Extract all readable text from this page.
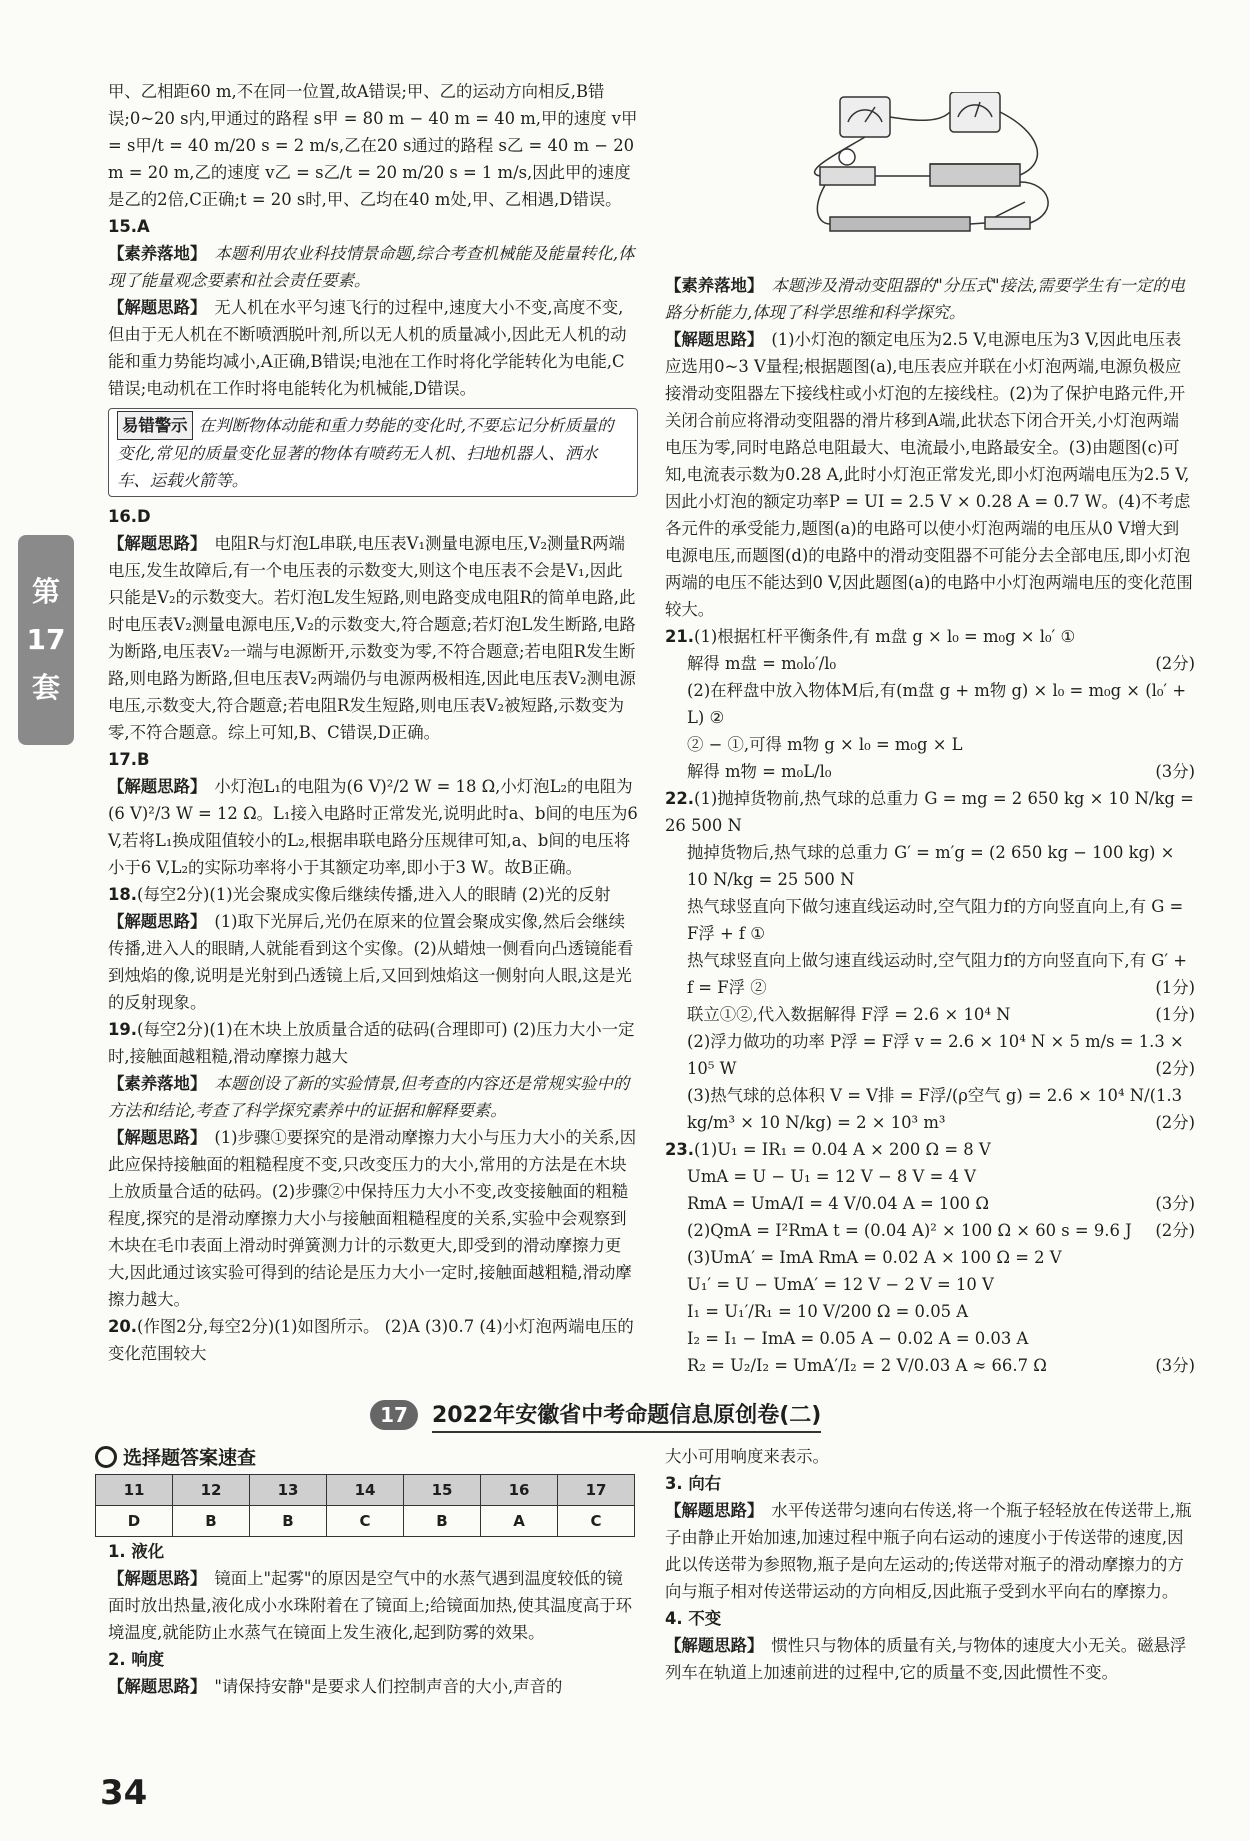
甲、乙相距60 m,不在同一位置,故A错误;甲、乙的运动方向相反,B错误;0~20 s内,甲通过的路程 s甲 = 80 m − 40 m = 40 m,甲的速度 v甲 = s甲/t = 40 m/20 s = 2 m/s,乙在20 s通过的路程 s乙 = 40 m − 20 m = 20 m,乙的速度 v乙 = s乙/t = 20 m/20 s = 1 m/s,因此甲的速度是乙的2倍,C正确;t = 20 s时,甲、乙均在40 m处,甲、乙相遇,D错误。

15.A

【素养落地】 本题利用农业科技情景命题,综合考查机械能及能量转化,体现了能量观念要素和社会责任要素。

【解题思路】 无人机在水平匀速飞行的过程中,速度大小不变,高度不变,但由于无人机在不断喷洒脱叶剂,所以无人机的质量减小,因此无人机的动能和重力势能均减小,A正确,B错误;电池在工作时将化学能转化为电能,C错误;电动机在工作时将电能转化为机械能,D错误。

易错警示 在判断物体动能和重力势能的变化时,不要忘记分析质量的变化,常见的质量变化显著的物体有喷药无人机、扫地机器人、洒水车、运载火箭等。

16.D

【解题思路】 电阻R与灯泡L串联,电压表V₁测量电源电压,V₂测量R两端电压,发生故障后,有一个电压表的示数变大,则这个电压表不会是V₁,因此只能是V₂的示数变大。若灯泡L发生短路,则电路变成电阻R的简单电路,此时电压表V₂测量电源电压,V₂的示数变大,符合题意;若灯泡L发生断路,电路为断路,电压表V₂一端与电源断开,示数变为零,不符合题意;若电阻R发生断路,则电路为断路,但电压表V₂两端仍与电源两极相连,因此电压表V₂测电源电压,示数变大,符合题意;若电阻R发生短路,则电压表V₂被短路,示数变为零,不符合题意。综上可知,B、C错误,D正确。

17.B

【解题思路】 小灯泡L₁的电阻为(6 V)²/2 W = 18 Ω,小灯泡L₂的电阻为(6 V)²/3 W = 12 Ω。L₁接入电路时正常发光,说明此时a、b间的电压为6 V,若将L₁换成阻值较小的L₂,根据串联电路分压规律可知,a、b间的电压将小于6 V,L₂的实际功率将小于其额定功率,即小于3 W。故B正确。

18.(每空2分)(1)光会聚成实像后继续传播,进入人的眼睛 (2)光的反射

【解题思路】 (1)取下光屏后,光仍在原来的位置会聚成实像,然后会继续传播,进入人的眼睛,人就能看到这个实像。(2)从蜡烛一侧看向凸透镜能看到烛焰的像,说明是光射到凸透镜上后,又回到烛焰这一侧射向人眼,这是光的反射现象。

19.(每空2分)(1)在木块上放质量合适的砝码(合理即可) (2)压力大小一定时,接触面越粗糙,滑动摩擦力越大

【素养落地】 本题创设了新的实验情景,但考查的内容还是常规实验中的方法和结论,考查了科学探究素养中的证据和解释要素。

【解题思路】 (1)步骤①要探究的是滑动摩擦力大小与压力大小的关系,因此应保持接触面的粗糙程度不变,只改变压力的大小,常用的方法是在木块上放质量合适的砝码。(2)步骤②中保持压力大小不变,改变接触面的粗糙程度,探究的是滑动摩擦力大小与接触面粗糙程度的关系,实验中会观察到木块在毛巾表面上滑动时弹簧测力计的示数更大,即受到的滑动摩擦力更大,因此通过该实验可得到的结论是压力大小一定时,接触面越粗糙,滑动摩擦力越大。

20.(作图2分,每空2分)(1)如图所示。 (2)A (3)0.7 (4)小灯泡两端电压的变化范围较大

第
17
套

【素养落地】 本题涉及滑动变阻器的"分压式"接法,需要学生有一定的电路分析能力,体现了科学思维和科学探究。

【解题思路】 (1)小灯泡的额定电压为2.5 V,电源电压为3 V,因此电压表应选用0~3 V量程;根据题图(a),电压表应并联在小灯泡两端,电源负极应接滑动变阻器左下接线柱或小灯泡的左接线柱。(2)为了保护电路元件,开关闭合前应将滑动变阻器的滑片移到A端,此状态下闭合开关,小灯泡两端电压为零,同时电路总电阻最大、电流最小,电路最安全。(3)由题图(c)可知,电流表示数为0.28 A,此时小灯泡正常发光,即小灯泡两端电压为2.5 V,因此小灯泡的额定功率P = UI = 2.5 V × 0.28 A = 0.7 W。(4)不考虑各元件的承受能力,题图(a)的电路可以使小灯泡两端的电压从0 V增大到电源电压,而题图(d)的电路中的滑动变阻器不可能分去全部电压,即小灯泡两端的电压不能达到0 V,因此题图(a)的电路中小灯泡两端电压的变化范围较大。

21.(1)根据杠杆平衡条件,有 m盘 g × l₀ = m₀g × l₀′ ①

解得 m盘 = m₀l₀′/l₀	(2分)

(2)在秤盘中放入物体M后,有(m盘 g + m物 g) × l₀ = m₀g × (l₀′ + L) ②

② − ①,可得 m物 g × l₀ = m₀g × L

解得 m物 = m₀L/l₀	(3分)

22.(1)抛掉货物前,热气球的总重力 G = mg = 2 650 kg × 10 N/kg = 26 500 N

抛掉货物后,热气球的总重力 G′ = m′g = (2 650 kg − 100 kg) × 10 N/kg = 25 500 N

热气球竖直向下做匀速直线运动时,空气阻力f的方向竖直向上,有 G = F浮 + f ①

热气球竖直向上做匀速直线运动时,空气阻力f的方向竖直向下,有 G′ + f = F浮 ②	(1分)

联立①②,代入数据解得 F浮 = 2.6 × 10⁴ N	(1分)

(2)浮力做功的功率 P浮 = F浮 v = 2.6 × 10⁴ N × 5 m/s = 1.3 × 10⁵ W	(2分)

(3)热气球的总体积 V = V排 = F浮/(ρ空气 g) = 2.6 × 10⁴ N/(1.3 kg/m³ × 10 N/kg) = 2 × 10³ m³	(2分)

23.(1)U₁ = IR₁ = 0.04 A × 200 Ω = 8 V

UmA = U − U₁ = 12 V − 8 V = 4 V

RmA = UmA/I = 4 V/0.04 A = 100 Ω	(3分)

(2)QmA = I²RmA t = (0.04 A)² × 100 Ω × 60 s = 9.6 J (2分)

(3)UmA′ = ImA RmA = 0.02 A × 100 Ω = 2 V

U₁′ = U − UmA′ = 12 V − 2 V = 10 V

I₁ = U₁′/R₁ = 10 V/200 Ω = 0.05 A

I₂ = I₁ − ImA = 0.05 A − 0.02 A = 0.03 A

R₂ = U₂/I₂ = UmA′/I₂ = 2 V/0.03 A ≈ 66.7 Ω	(3分)

17	2022年安徽省中考命题信息原创卷(二)
选择题答案速查
11	12	13	14	15	16	17
D	B	B	C	B	A	C

1. 液化

【解题思路】 镜面上"起雾"的原因是空气中的水蒸气遇到温度较低的镜面时放出热量,液化成小水珠附着在了镜面上;给镜面加热,使其温度高于环境温度,就能防止水蒸气在镜面上发生液化,起到防雾的效果。

2. 响度

【解题思路】 "请保持安静"是要求人们控制声音的大小,声音的

大小可用响度来表示。

3. 向右

【解题思路】 水平传送带匀速向右传送,将一个瓶子轻轻放在传送带上,瓶子由静止开始加速,加速过程中瓶子向右运动的速度小于传送带的速度,因此以传送带为参照物,瓶子是向左运动的;传送带对瓶子的滑动摩擦力的方向与瓶子相对传送带运动的方向相反,因此瓶子受到水平向右的摩擦力。

4. 不变

【解题思路】 惯性只与物体的质量有关,与物体的速度大小无关。磁悬浮列车在轨道上加速前进的过程中,它的质量不变,因此惯性不变。

34
